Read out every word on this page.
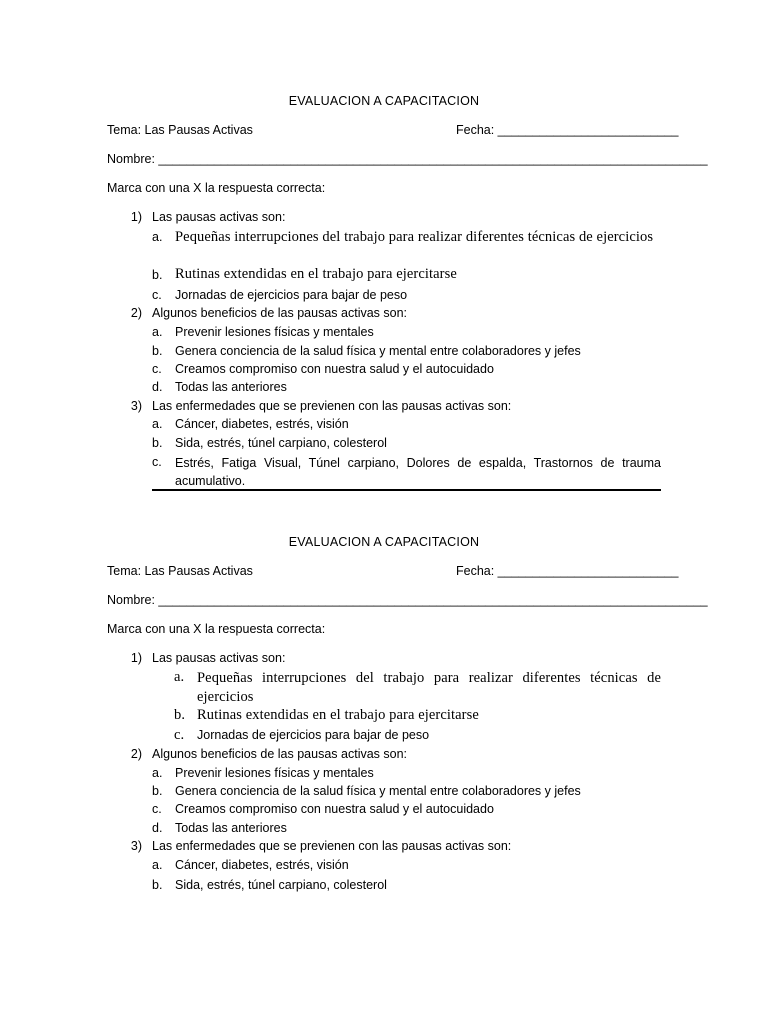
EVALUACION A CAPACITACION
Tema: Las Pausas Activas	Fecha: __________________________
Nombre: _______________________________________________________________________________
Marca con una X la respuesta correcta:
1) Las pausas activas son:
a. Pequeñas interrupciones del trabajo para realizar diferentes técnicas de ejercicios
b. Rutinas extendidas en el trabajo para ejercitarse
c.	Jornadas de ejercicios para bajar de peso
2) Algunos beneficios de las pausas activas son:
a.	Prevenir lesiones físicas y mentales
b.	Genera conciencia de la salud física y mental entre colaboradores y jefes
c.	Creamos compromiso con nuestra salud y el autocuidado
d.	Todas las anteriores
3) Las enfermedades que se previenen con las pausas activas son:
a.	Cáncer, diabetes, estrés, visión
b.	Sida, estrés, túnel carpiano, colesterol
c.	Estrés, Fatiga Visual, Túnel carpiano, Dolores de espalda, Trastornos de trauma acumulativo.
EVALUACION A CAPACITACION
Tema: Las Pausas Activas	Fecha: __________________________
Nombre: _______________________________________________________________________________
Marca con una X la respuesta correcta:
1) Las pausas activas son:
a. Pequeñas interrupciones del trabajo para realizar diferentes técnicas de ejercicios
b. Rutinas extendidas en el trabajo para ejercitarse
c.	Jornadas de ejercicios para bajar de peso
2) Algunos beneficios de las pausas activas son:
a.	Prevenir lesiones físicas y mentales
b.	Genera conciencia de la salud física y mental entre colaboradores y jefes
c.	Creamos compromiso con nuestra salud y el autocuidado
d.	Todas las anteriores
3) Las enfermedades que se previenen con las pausas activas son:
a.	Cáncer, diabetes, estrés, visión
b.	Sida, estrés, túnel carpiano, colesterol
